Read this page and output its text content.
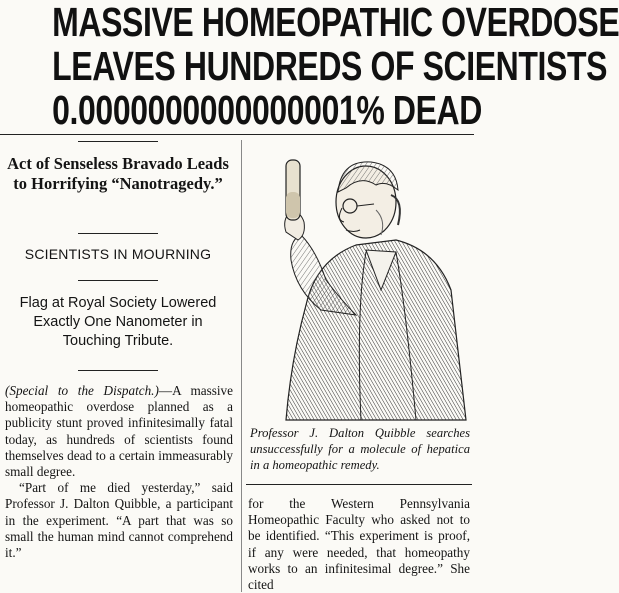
MASSIVE HOMEOPATHIC OVERDOSE
LEAVES HUNDREDS OF SCIENTISTS
0.0000000000000001% DEAD
Act of Senseless Bravado Leads to Horrifying “Nanotragedy.”
SCIENTISTS IN MOURNING
Flag at Royal Society Lowered Exactly One Nanometer in Touching Tribute.

(Special to the Dispatch.)—A massive homeopathic overdose planned as a publicity stunt proved infinitesimally fatal today, as hundreds of scientists found themselves dead to a certain immeasurably small degree.

“Part of me died yesterday,” said Professor J. Dalton Quibble, a participant in the experiment. “A part that was so small the human mind cannot comprehend it.”

Professor J. Dalton Quibble searches unsuccessfully for a molecule of hepatica in a homeopathic remedy.

for the Western Pennsylvania Homeopathic Faculty who asked not to be identified. “This experiment is proof, if any were needed, that homeopathy works to an infinitesimal degree.” She cited
